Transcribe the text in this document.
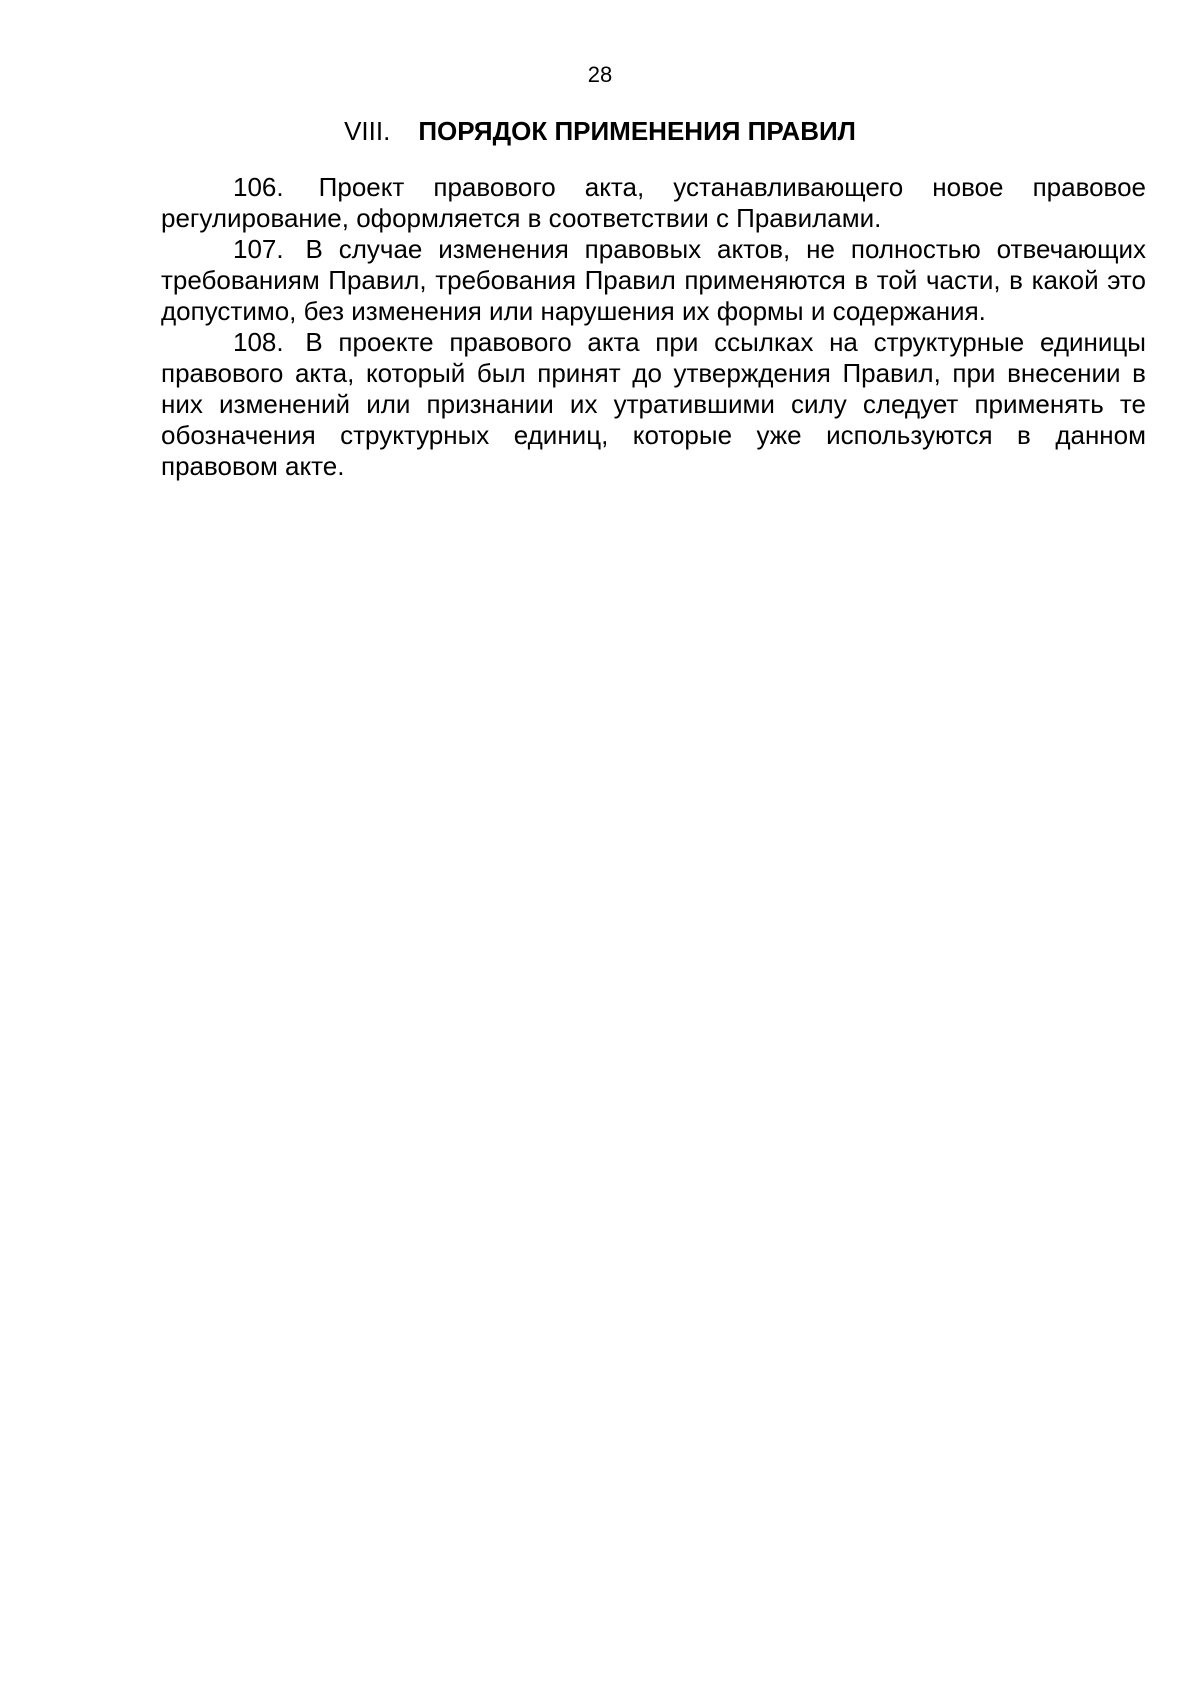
28
VIII. ПОРЯДОК ПРИМЕНЕНИЯ ПРАВИЛ

106. Проект правового акта, устанавливающего новое правовое регулирование, оформляется в соответствии с Правилами.

107. В случае изменения правовых актов, не полностью отвечающих требованиям Правил, требования Правил применяются в той части, в какой это допустимо, без изменения или нарушения их формы и содержания.

108. В проекте правового акта при ссылках на структурные единицы правового акта, который был принят до утверждения Правил, при внесении в них изменений или признании их утратившими силу следует применять те обозначения структурных единиц, которые уже используются в данном правовом акте.
